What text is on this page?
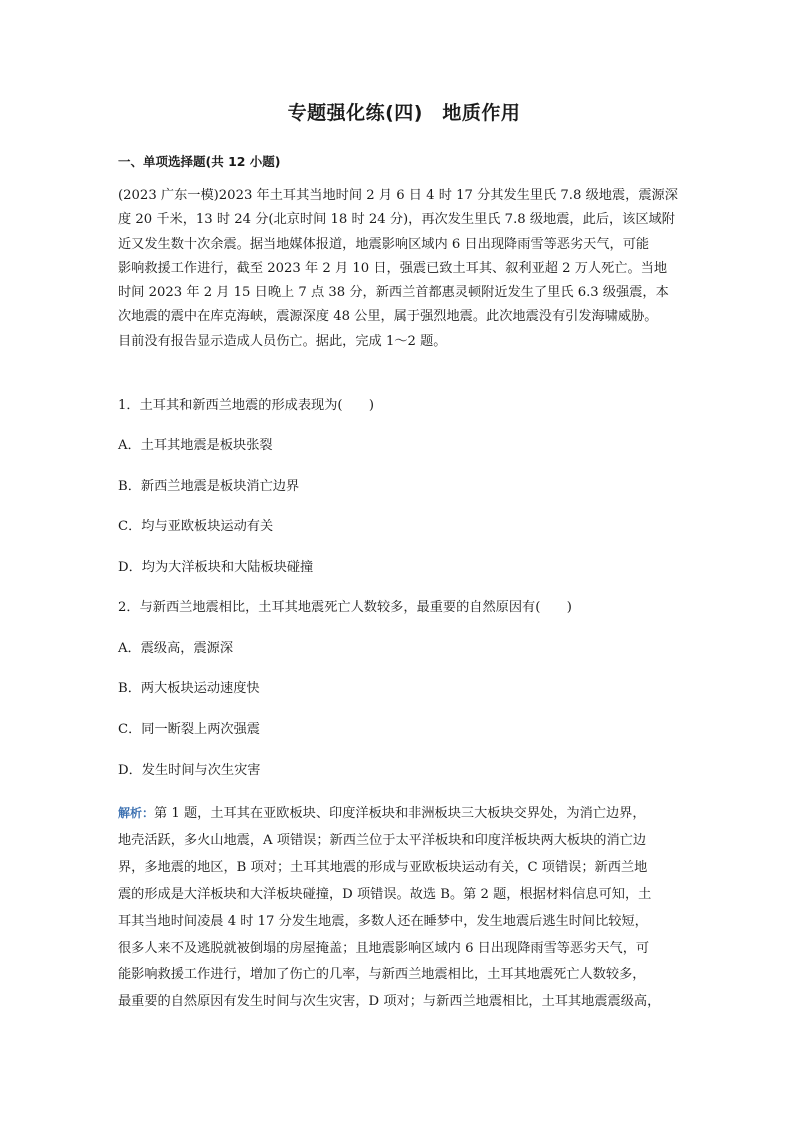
专题强化练(四)　地质作用
一、单项选择题(共 12 小题)
(2023 广东一模)2023 年土耳其当地时间 2 月 6 日 4 时 17 分其发生里氏 7.8 级地震，震源深
度 20 千米，13 时 24 分(北京时间 18 时 24 分)，再次发生里氏 7.8 级地震，此后，该区域附
近又发生数十次余震。据当地媒体报道，地震影响区域内 6 日出现降雨雪等恶劣天气，可能
影响救援工作进行，截至 2023 年 2 月 10 日，强震已致土耳其、叙利亚超 2 万人死亡。当地
时间 2023 年 2 月 15 日晚上 7 点 38 分，新西兰首都惠灵顿附近发生了里氏 6.3 级强震，本
次地震的震中在库克海峡，震源深度 48 公里，属于强烈地震。此次地震没有引发海啸威胁。
目前没有报告显示造成人员伤亡。据此，完成 1～2 题。
1．土耳其和新西兰地震的形成表现为(　　)
A．土耳其地震是板块张裂
B．新西兰地震是板块消亡边界
C．均与亚欧板块运动有关
D．均为大洋板块和大陆板块碰撞
2．与新西兰地震相比，土耳其地震死亡人数较多，最重要的自然原因有(　　)
A．震级高，震源深
B．两大板块运动速度快
C．同一断裂上两次强震
D．发生时间与次生灾害
解析：第 1 题，土耳其在亚欧板块、印度洋板块和非洲板块三大板块交界处，为消亡边界，
地壳活跃，多火山地震，A 项错误；新西兰位于太平洋板块和印度洋板块两大板块的消亡边
界，多地震的地区，B 项对；土耳其地震的形成与亚欧板块运动有关，C 项错误；新西兰地
震的形成是大洋板块和大洋板块碰撞，D 项错误。故选 B。第 2 题，根据材料信息可知，土
耳其当地时间凌晨 4 时 17 分发生地震，多数人还在睡梦中，发生地震后逃生时间比较短，
很多人来不及逃脱就被倒塌的房屋掩盖；且地震影响区域内 6 日出现降雨雪等恶劣天气，可
能影响救援工作进行，增加了伤亡的几率，与新西兰地震相比，土耳其地震死亡人数较多，
最重要的自然原因有发生时间与次生灾害，D 项对；与新西兰地震相比，土耳其地震震级高，
